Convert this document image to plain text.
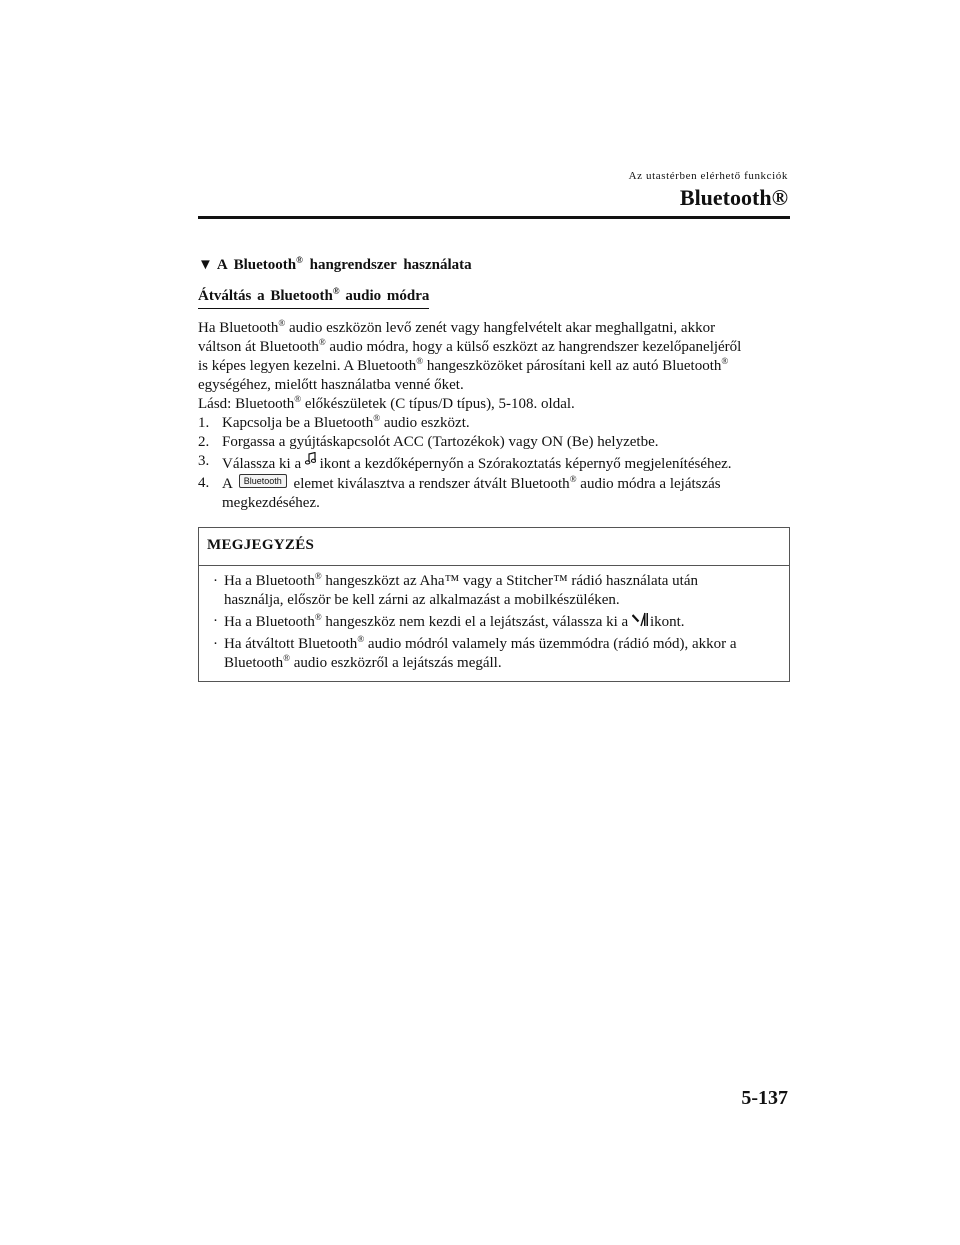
Az utastérben elérhető funkciók
Bluetooth®
▼ A Bluetooth® hangrendszer használata
Átváltás a Bluetooth® audio módra

Ha Bluetooth® audio eszközön levő zenét vagy hangfelvételt akar meghallgatni, akkor
váltson át Bluetooth® audio módra, hogy a külső eszközt az hangrendszer kezelőpaneljéről
is képes legyen kezelni. A Bluetooth® hangeszközöket párosítani kell az autó Bluetooth®
egységéhez, mielőtt használatba venné őket.

Lásd: Bluetooth® előkészületek (C típus/D típus), 5-108. oldal.

1. Kapcsolja be a Bluetooth® audio eszközt.
2. Forgassa a gyújtáskapcsolót ACC (Tartozékok) vagy ON (Be) helyzetbe.
3. Válassza ki a  ikont a kezdőképernyőn a Szórakoztatás képernyő megjelenítéséhez.
4. A Bluetooth elemet kiválasztva a rendszer átvált Bluetooth® audio módra a lejátszás
megkezdéséhez.
MEGJEGYZÉS
· Ha a Bluetooth® hangeszközt az Aha™ vagy a Stitcher™ rádió használata után
használja, először be kell zárni az alkalmazást a mobilkészüléken.
· Ha a Bluetooth® hangeszköz nem kezdi el a lejátszást, válassza ki a ikont.
· Ha átváltott Bluetooth® audio módról valamely más üzemmódra (rádió mód), akkor a
Bluetooth® audio eszközről a lejátszás megáll.
5-137
